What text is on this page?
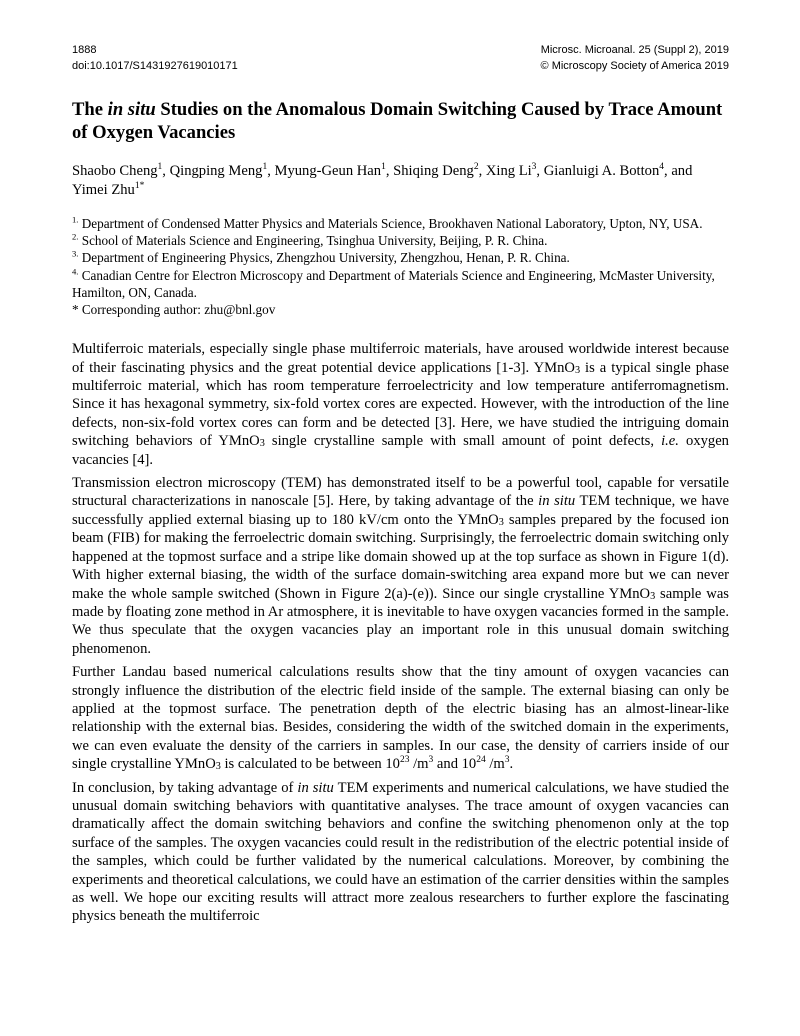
1888
doi:10.1017/S1431927619010171
Microsc. Microanal. 25 (Suppl 2), 2019
© Microscopy Society of America 2019
The in situ Studies on the Anomalous Domain Switching Caused by Trace Amount of Oxygen Vacancies
Shaobo Cheng$^1$, Qingping Meng$^1$, Myung-Geun Han$^1$, Shiqing Deng$^2$, Xing Li$^3$, Gianluigi A. Botton$^4$, and Yimei Zhu$^{1*}$
$^{1.}$ Department of Condensed Matter Physics and Materials Science, Brookhaven National Laboratory, Upton, NY, USA.
$^{2.}$ School of Materials Science and Engineering, Tsinghua University, Beijing, P. R. China.
$^{3.}$ Department of Engineering Physics, Zhengzhou University, Zhengzhou, Henan, P. R. China.
$^{4.}$ Canadian Centre for Electron Microscopy and Department of Materials Science and Engineering, McMaster University, Hamilton, ON, Canada.
* Corresponding author: zhu@bnl.gov

Multiferroic materials, especially single phase multiferroic materials, have aroused worldwide interest because of their fascinating physics and the great potential device applications [1-3]. YMnO$_3$ is a typical single phase multiferroic material, which has room temperature ferroelectricity and low temperature antiferromagnetism. Since it has hexagonal symmetry, six-fold vortex cores are expected. However, with the introduction of the line defects, non-six-fold vortex cores can form and be detected [3]. Here, we have studied the intriguing domain switching behaviors of YMnO$_3$ single crystalline sample with small amount of point defects, i.e. oxygen vacancies [4].

Transmission electron microscopy (TEM) has demonstrated itself to be a powerful tool, capable for versatile structural characterizations in nanoscale [5]. Here, by taking advantage of the in situ TEM technique, we have successfully applied external biasing up to 180 kV/cm onto the YMnO$_3$ samples prepared by the focused ion beam (FIB) for making the ferroelectric domain switching. Surprisingly, the ferroelectric domain switching only happened at the topmost surface and a stripe like domain showed up at the top surface as shown in Figure 1(d). With higher external biasing, the width of the surface domain-switching area expand more but we can never make the whole sample switched (Shown in Figure 2(a)-(e)). Since our single crystalline YMnO$_3$ sample was made by floating zone method in Ar atmosphere, it is inevitable to have oxygen vacancies formed in the sample. We thus speculate that the oxygen vacancies play an important role in this unusual domain switching phenomenon.

Further Landau based numerical calculations results show that the tiny amount of oxygen vacancies can strongly influence the distribution of the electric field inside of the sample. The external biasing can only be applied at the topmost surface. The penetration depth of the electric biasing has an almost-linear-like relationship with the external bias. Besides, considering the width of the switched domain in the experiments, we can even evaluate the density of the carriers in samples. In our case, the density of carriers inside of our single crystalline YMnO$_3$ is calculated to be between $10^{23}$ $/m^3$ and $10^{24}$ $/m^3$.

In conclusion, by taking advantage of in situ TEM experiments and numerical calculations, we have studied the unusual domain switching behaviors with quantitative analyses. The trace amount of oxygen vacancies can dramatically affect the domain switching behaviors and confine the switching phenomenon only at the top surface of the samples. The oxygen vacancies could result in the redistribution of the electric potential inside of the samples, which could be further validated by the numerical calculations. Moreover, by combining the experiments and theoretical calculations, we could have an estimation of the carrier densities within the samples as well. We hope our exciting results will attract more zealous researchers to further explore the fascinating physics beneath the multiferroic
